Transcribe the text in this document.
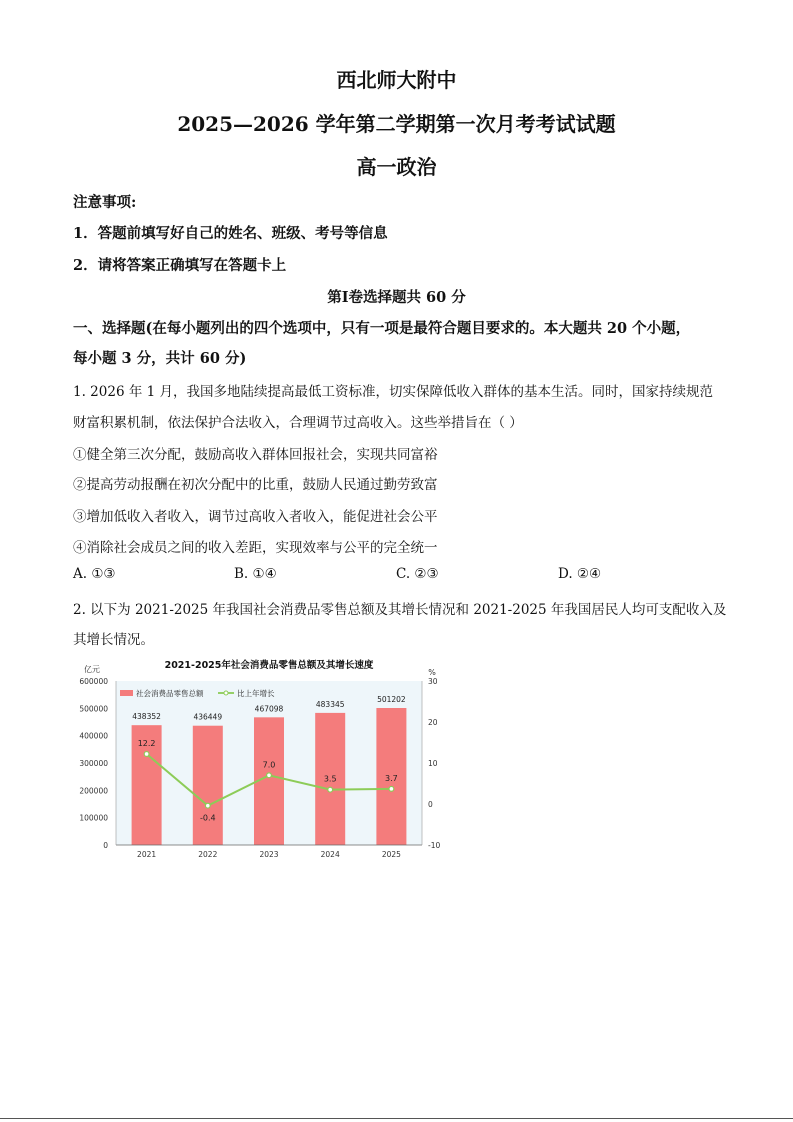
西北师大附中
2025—2026 学年第二学期第一次月考考试试题
高一政治
注意事项:
1．答题前填写好自己的姓名、班级、考号等信息
2．请将答案正确填写在答题卡上
第Ⅰ卷选择题共 60 分
一、选择题(在每小题列出的四个选项中，只有一项是最符合题目要求的。本大题共 20 个小题，
每小题 3 分，共计 60 分)
1. 2026 年 1 月，我国多地陆续提高最低工资标准，切实保障低收入群体的基本生活。同时，国家持续规范
财富积累机制，依法保护合法收入，合理调节过高收入。这些举措旨在（ ）
①健全第三次分配，鼓励高收入群体回报社会，实现共同富裕
②提高劳动报酬在初次分配中的比重，鼓励人民通过勤劳致富
③增加低收入者收入，调节过高收入者收入，能促进社会公平
④消除社会成员之间的收入差距，实现效率与公平的完全统一
A. ①③	B. ①④	C. ②③	D. ②④
2. 以下为 2021-2025 年我国社会消费品零售总额及其增长情况和 2021-2025 年我国居民人均可支配收入及
其增长情况。
2021-2025年社会消费品零售总额及其增长速度
亿元	%
0
100000
200000
300000
400000
500000
600000
-10
0
10
20
30
438352	436449
467098	483345
501202
2021	2022	2023	2024	2025
12.2
-0.4
7.0
3.5	3.7
社会消费品零售总额	比上年增长
